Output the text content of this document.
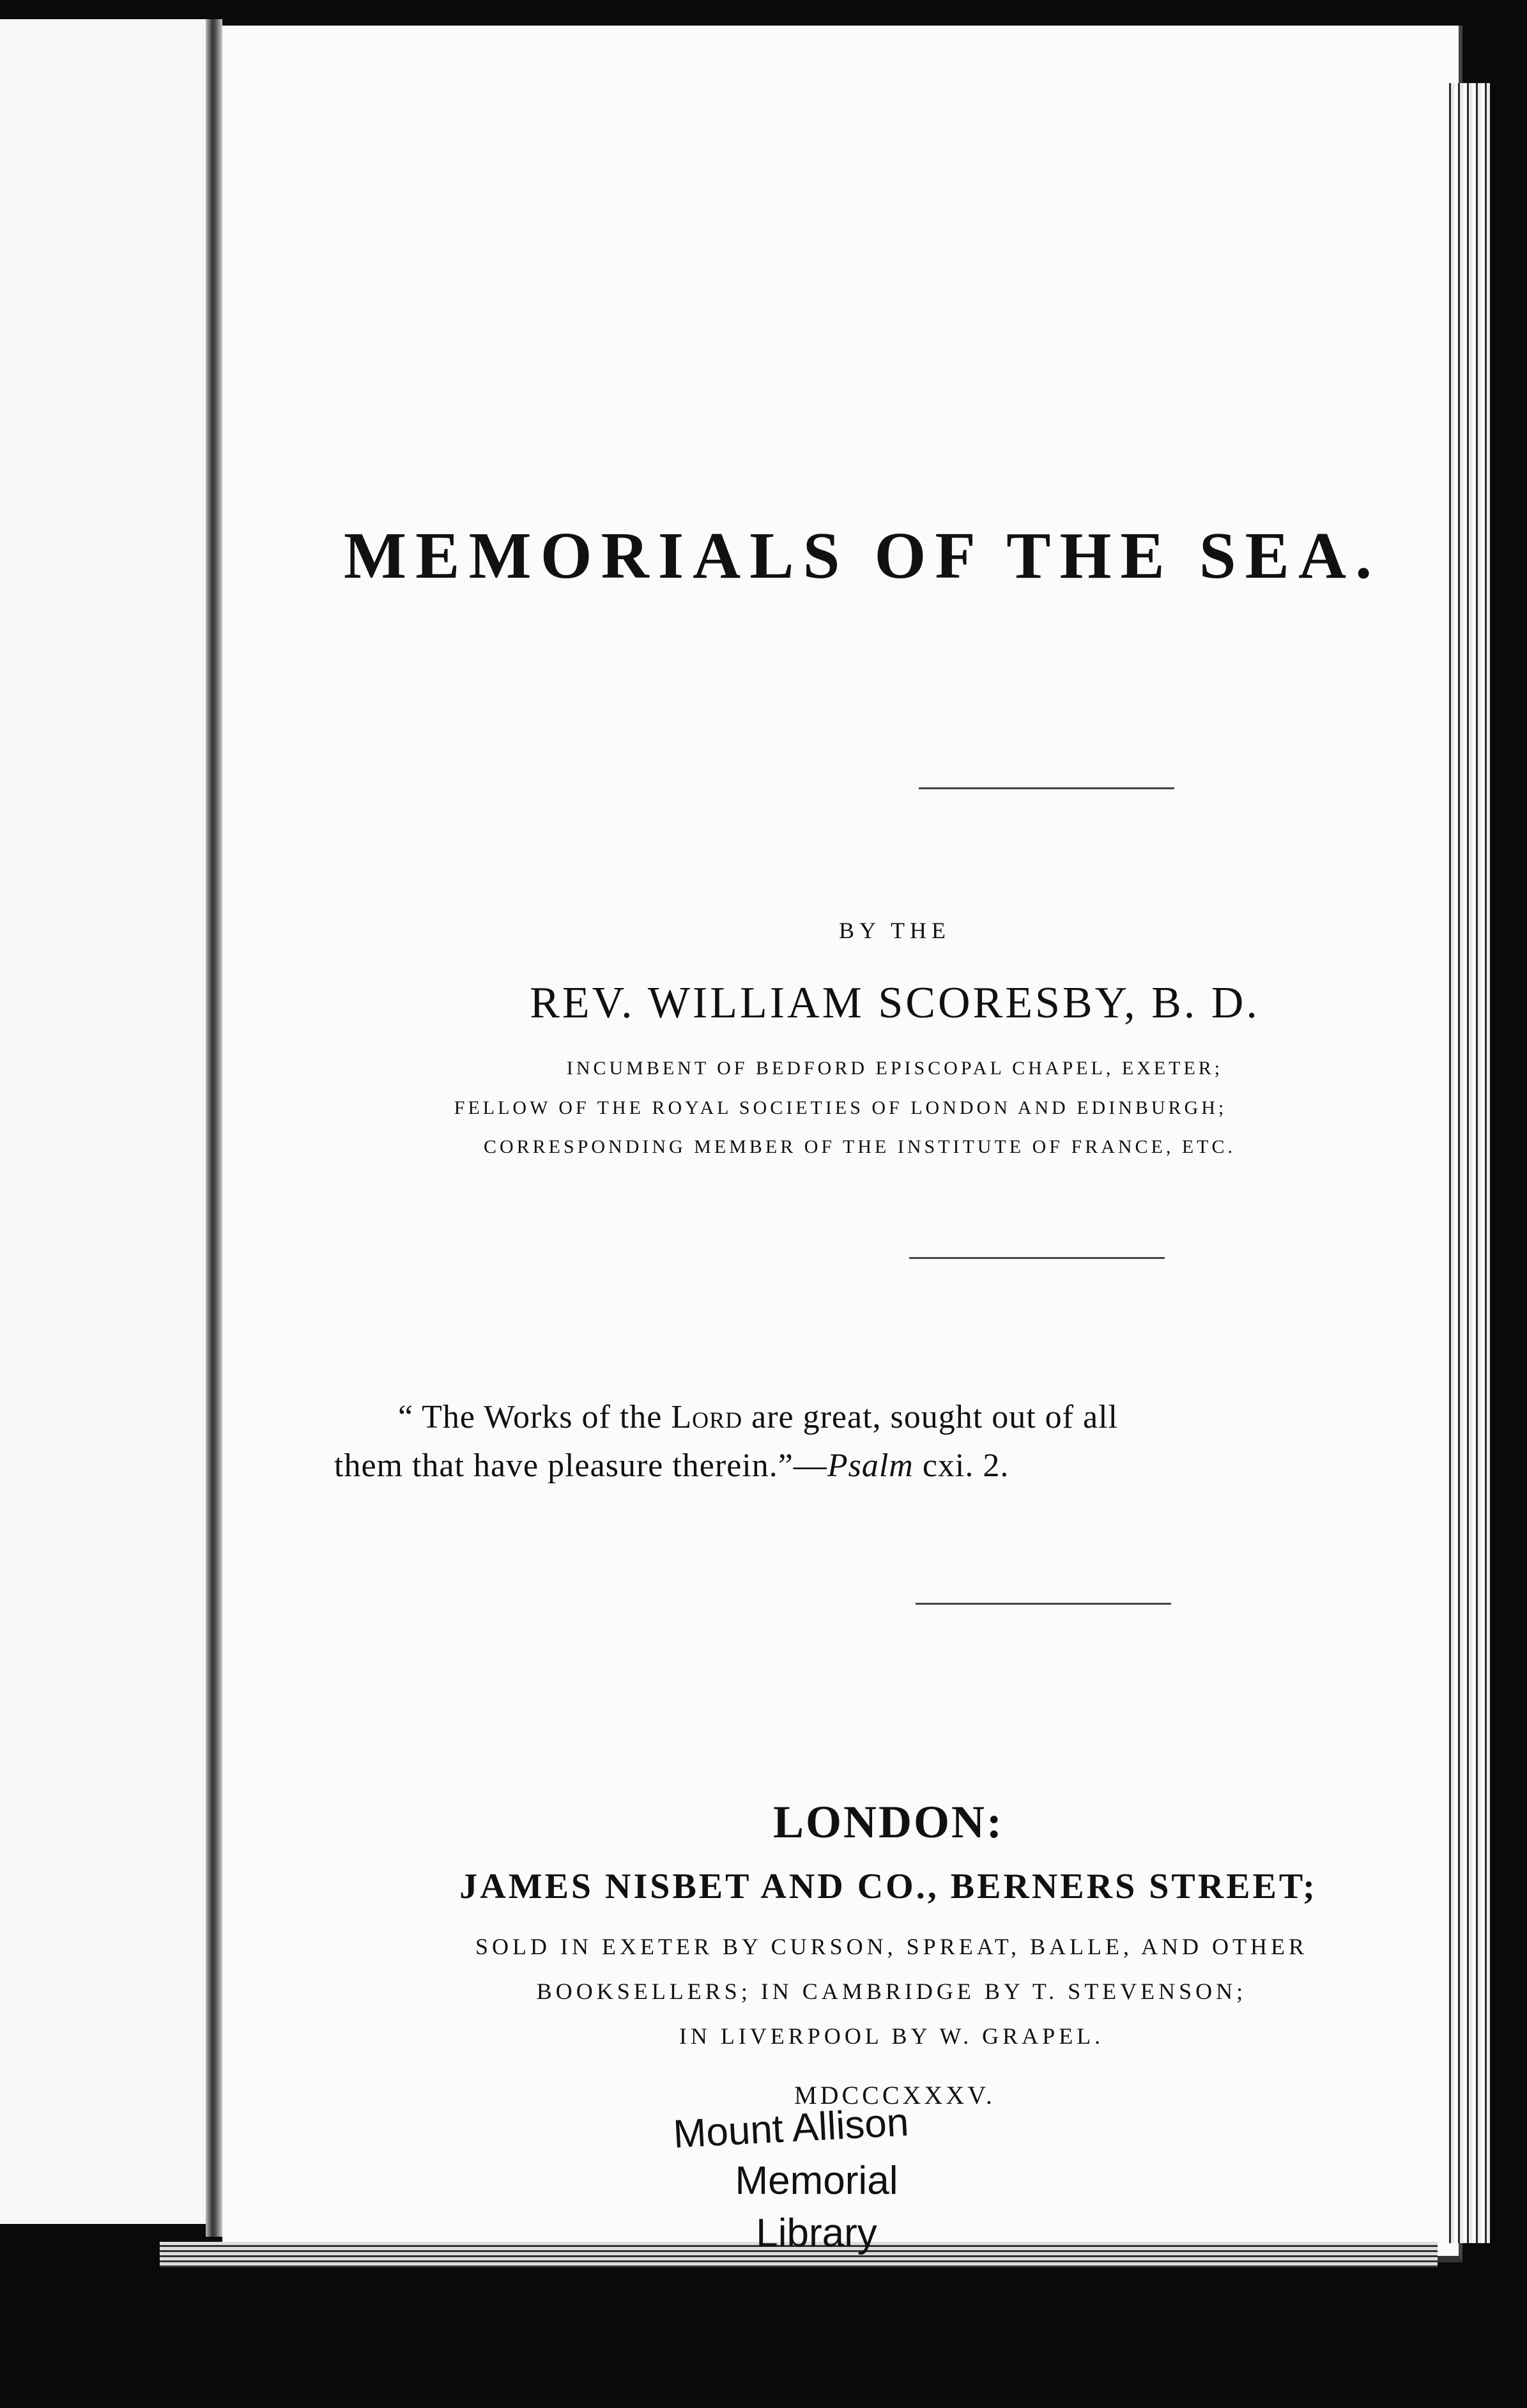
MEMORIALS OF THE SEA.
BY THE
REV. WILLIAM SCORESBY, B. D.
INCUMBENT OF BEDFORD EPISCOPAL CHAPEL, EXETER;
FELLOW OF THE ROYAL SOCIETIES OF LONDON AND EDINBURGH;
CORRESPONDING MEMBER OF THE INSTITUTE OF FRANCE, ETC.
“ The Works of the Lord are great, sought out of all
them that have pleasure therein.”—Psalm cxi. 2.
LONDON:
JAMES NISBET AND CO., BERNERS STREET;
SOLD IN EXETER BY CURSON, SPREAT, BALLE, AND OTHER
BOOKSELLERS; IN CAMBRIDGE BY T. STEVENSON;
IN LIVERPOOL BY W. GRAPEL.
MDCCCXXXV.
Mount Allison
Memorial
Library
